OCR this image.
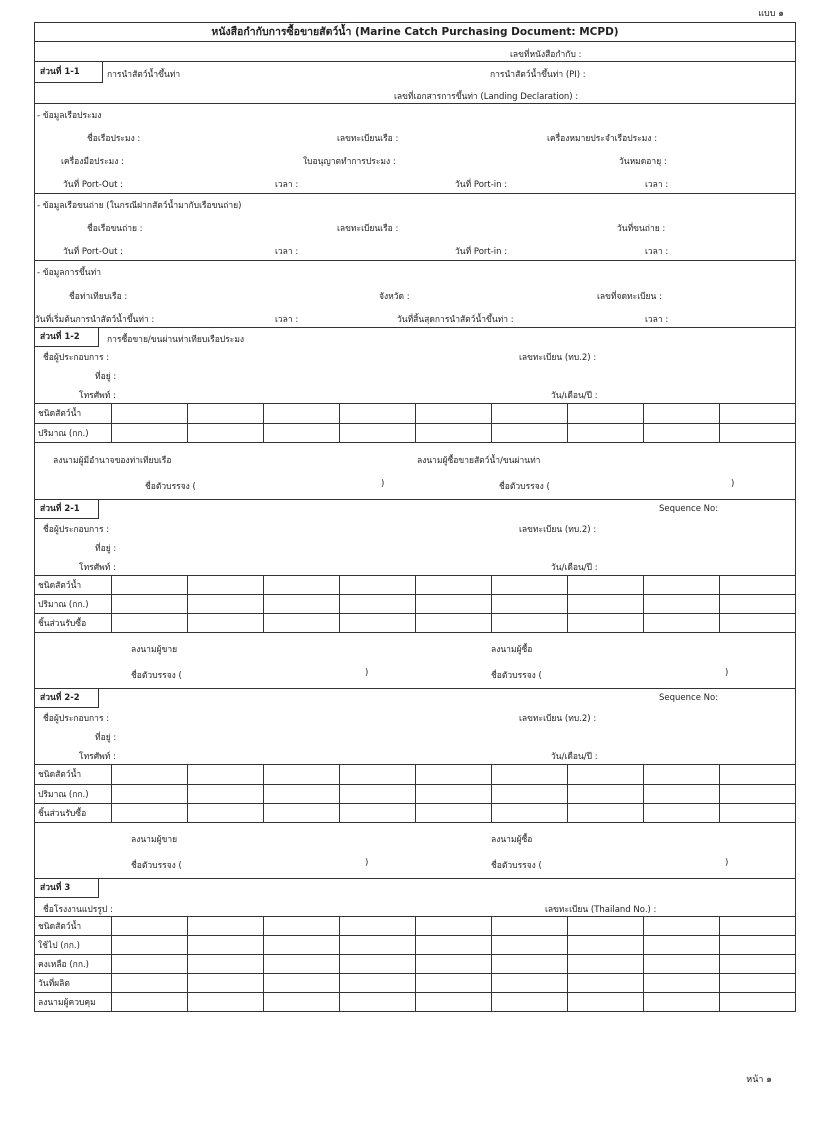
แบบ ๑
หนังสือกำกับการซื้อขายสัตว์น้ำ (Marine Catch Purchasing Document: MCPD)
เลขที่หนังสือกำกับ :
ส่วนที่ 1-1	การนำสัตว์น้ำขึ้นท่า	การนำสัตว์น้ำขึ้นท่า (PI) :
เลขที่เอกสารการขึ้นท่า (Landing Declaration) :
- ข้อมูลเรือประมง
ชื่อเรือประมง :	เลขทะเบียนเรือ :	เครื่องหมายประจำเรือประมง :
เครื่องมือประมง :	ใบอนุญาตทำการประมง :	วันหมดอายุ :
วันที่ Port-Out :	เวลา :	วันที่ Port-in :	เวลา :
- ข้อมูลเรือขนถ่าย (ในกรณีฝากสัตว์น้ำมากับเรือขนถ่าย)
ชื่อเรือขนถ่าย :	เลขทะเบียนเรือ :	วันที่ขนถ่าย :
วันที่ Port-Out :	เวลา :	วันที่ Port-in :	เวลา :
- ข้อมูลการขึ้นท่า
ชื่อท่าเทียบเรือ :	จังหวัด :	เลขที่จดทะเบียน :
วันที่เริ่มต้นการนำสัตว์น้ำขึ้นท่า :	เวลา :	วันที่สิ้นสุดการนำสัตว์น้ำขึ้นท่า :	เวลา :
ส่วนที่ 1-2	การซื้อขาย/ขนผ่านท่าเทียบเรือประมง
ชื่อผู้ประกอบการ :	เลขทะเบียน (ทบ.2) :
ที่อยู่ :
โทรศัพท์ :	วัน/เดือน/ปี :
ชนิดสัตว์น้ำ									
ปริมาณ (กก.)									
ลงนามผู้มีอำนาจของท่าเทียบเรือ	ลงนามผู้ซื้อขายสัตว์น้ำ/ขนผ่านท่า
ชื่อตัวบรรจง (	)	ชื่อตัวบรรจง (	)
ส่วนที่ 2-1	Sequence No:
ชื่อผู้ประกอบการ :	เลขทะเบียน (ทบ.2) :
ที่อยู่ :
โทรศัพท์ :	วัน/เดือน/ปี :
ชนิดสัตว์น้ำ									
ปริมาณ (กก.)									
ชิ้นส่วนรับซื้อ									
ลงนามผู้ขาย	ลงนามผู้ซื้อ
ชื่อตัวบรรจง (	)	ชื่อตัวบรรจง (	)
ส่วนที่ 2-2	Sequence No:
ชื่อผู้ประกอบการ :	เลขทะเบียน (ทบ.2) :
ที่อยู่ :
โทรศัพท์ :	วัน/เดือน/ปี :
ชนิดสัตว์น้ำ									
ปริมาณ (กก.)									
ชิ้นส่วนรับซื้อ									
ลงนามผู้ขาย	ลงนามผู้ซื้อ
ชื่อตัวบรรจง (	)	ชื่อตัวบรรจง (	)
ส่วนที่ 3
ชื่อโรงงานแปรรูป :	เลขทะเบียน (Thailand No.) :
ชนิดสัตว์น้ำ									
ใช้ไป (กก.)									
คงเหลือ (กก.)									
วันที่ผลิต									
ลงนามผู้ควบคุม									
หน้า ๑
